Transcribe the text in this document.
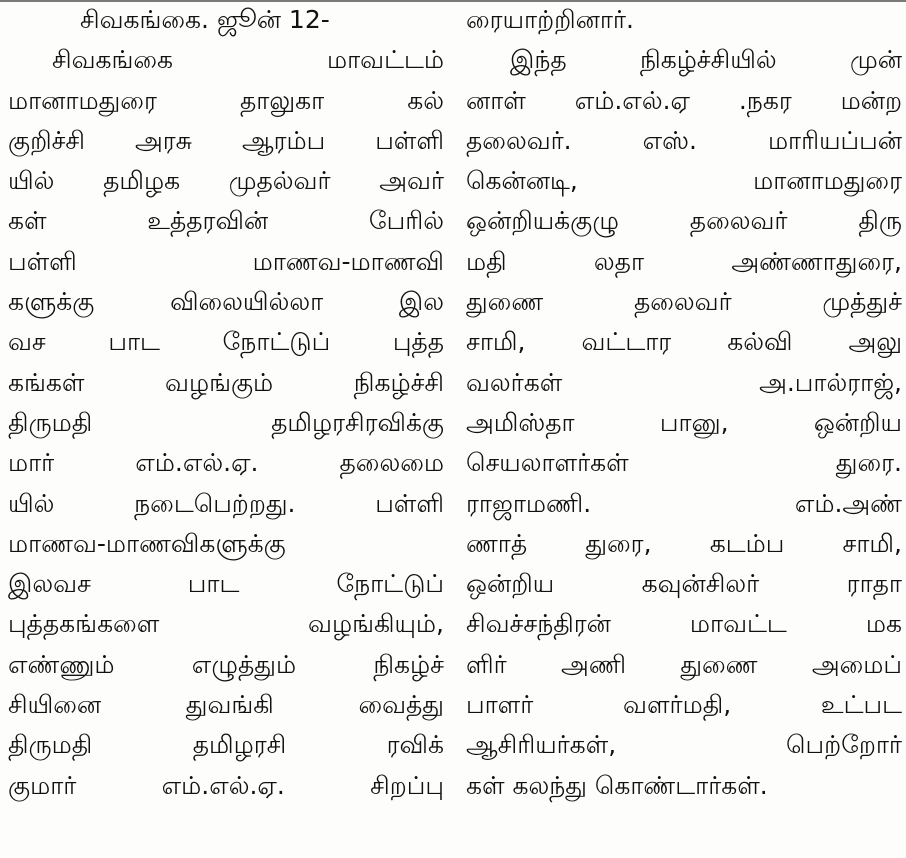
சிவகங்கை. ஜூன் 12-
சிவகங்கை மாவட்டம்
மானாமதுரை தாலுகா கல்
குறிச்சி அரசு ஆரம்ப பள்ளி
யில் தமிழக முதல்வர் அவர்
கள் உத்தரவின் பேரில்
பள்ளி மாணவ-மாணவி
களுக்கு விலையில்லா இல
வச பாட நோட்டுப் புத்த
கங்கள் வழங்கும் நிகழ்ச்சி
திருமதி தமிழரசிரவிக்கு
மார் எம்.எல்.ஏ. தலைமை
யில் நடைபெற்றது. பள்ளி
மாணவ-மாணவிகளுக்கு
இலவச பாட நோட்டுப்
புத்தகங்களை வழங்கியும்,
எண்ணும் எழுத்தும் நிகழ்ச்
சியினை துவங்கி வைத்து
திருமதி தமிழரசி ரவிக்
குமார் எம்.எல்.ஏ. சிறப்பு
ரையாற்றினார்.
இந்த நிகழ்ச்சியில் முன்
னாள் எம்.எல்.ஏ .நகர மன்ற
தலைவர். எஸ். மாரியப்பன்
கென்னடி, மானாமதுரை
ஒன்றியக்குழு தலைவர் திரு
மதி லதா அண்ணாதுரை,
துணை தலைவர் முத்துச்
சாமி, வட்டார கல்வி அலு
வலர்கள் அ.பால்ராஜ்,
அமிஸ்தா பானு, ஒன்றிய
செயலாளர்கள் துரை.
ராஜாமணி. எம்.அண்
ணாத் துரை, கடம்ப சாமி,
ஒன்றிய கவுன்சிலர் ராதா
சிவச்சந்திரன் மாவட்ட மக
ளிர் அணி துணை அமைப்
பாளர் வளர்மதி, உட்பட
ஆசிரியர்கள், பெற்றோர்
கள் கலந்து கொண்டார்கள்.
